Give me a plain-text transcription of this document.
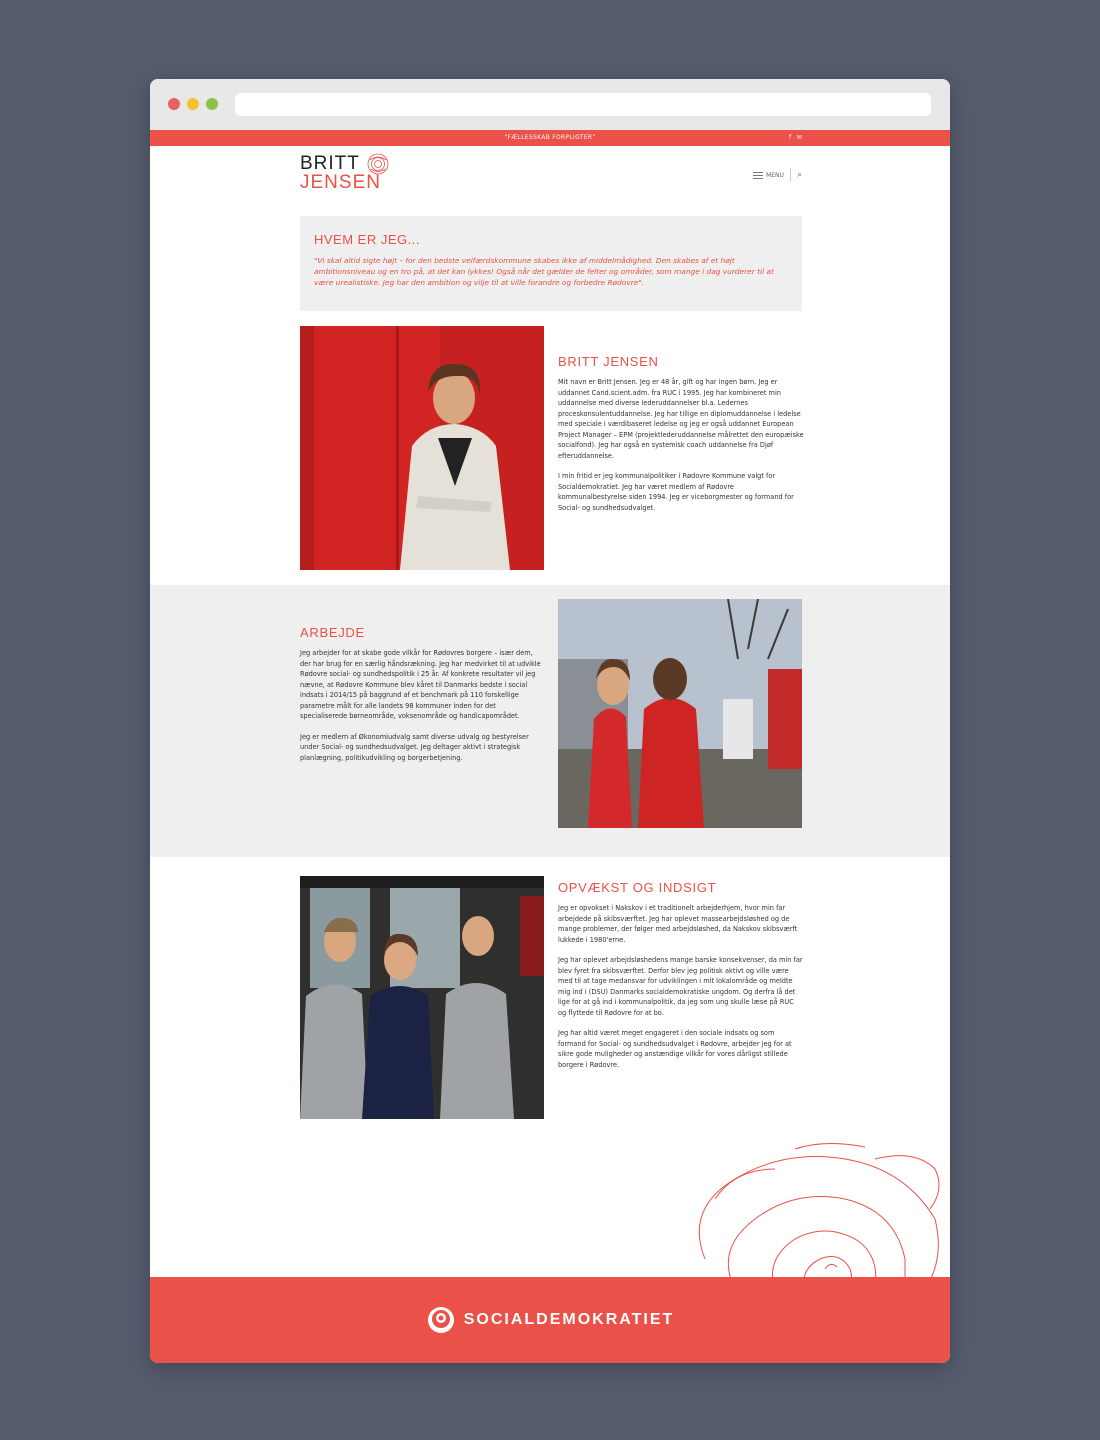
"FÆLLESSKAB FORPLIGTER"	f ✉
BRITT
JENSEN	MENU ⌕
HVEM ER JEG...

"Vi skal altid sigte højt – for den bedste velfærdskommune skabes ikke af middelmådighed. Den skabes af et højt ambitionsniveau og en tro på, at det kan lykkes! Også når det gælder de felter og områder, som mange i dag vurderer til at være urealistiske. Jeg har den ambition og vilje til at ville forandre og forbedre Rødovre".

BRITT JENSEN

Mit navn er Britt Jensen. Jeg er 48 år, gift og har ingen børn. Jeg er uddannet Cand.scient.adm. fra RUC i 1995. Jeg har kombineret min uddannelse med diverse lederuddannelser bl.a. Ledernes proceskonsulentuddannelse. Jeg har tillige en diplomuddannelse i ledelse med speciale i værdibaseret ledelse og jeg er også uddannet European Project Manager – EPM (projektlederuddannelse målrettet den europæiske socialfond). Jeg har også en systemisk coach uddannelse fra Djøf efteruddannelse.

I min fritid er jeg kommunalpolitiker i Rødovre Kommune valgt for Socialdemokratiet. Jeg har været medlem af Rødovre kommunalbestyrelse siden 1994. Jeg er viceborgmester og formand for Social- og sundhedsudvalget.

ARBEJDE

Jeg arbejder for at skabe gode vilkår for Rødovres borgere – især dem, der har brug for en særlig håndsrækning. Jeg har medvirket til at udvikle Rødovre social- og sundhedspolitik i 25 år. Af konkrete resultater vil jeg nævne, at Rødovre Kommune blev kåret til Danmarks bedste i social indsats i 2014/15 på baggrund af et benchmark på 110 forskellige parametre målt for alle landets 98 kommuner inden for det specialiserede børneområde, voksenområde og handicapområdet.

Jeg er medlem af Økonomiudvalg samt diverse udvalg og bestyrelser under Social- og sundhedsudvalget. Jeg deltager aktivt i strategisk planlægning, politikudvikling og borgerbetjening.

OPVÆKST OG INDSIGT

Jeg er opvokset i Nakskov i et traditionelt arbejderhjem, hvor min far arbejdede på skibsværftet. Jeg har oplevet massearbejdsløshed og de mange problemer, der følger med arbejdsløshed, da Nakskov skibsværft lukkede i 1980'erne.

Jeg har oplevet arbejdsløshedens mange barske konsekvenser, da min far blev fyret fra skibsværftet. Derfor blev jeg politisk aktivt og ville være med til at tage medansvar for udviklingen i mit lokalområde og meldte mig ind i (DSU) Danmarks socialdemokratiske ungdom. Og derfra lå det lige for at gå ind i kommunalpolitik, da jeg som ung skulle læse på RUC og flyttede til Rødovre for at bo.

Jeg har altid været meget engageret i den sociale indsats og som formand for Social- og sundhedsudvalget i Rødovre, arbejder jeg for at sikre gode muligheder og anstændige vilkår for vores dårligst stillede borgere i Rødovre.

SOCIALDEMOKRATIET
